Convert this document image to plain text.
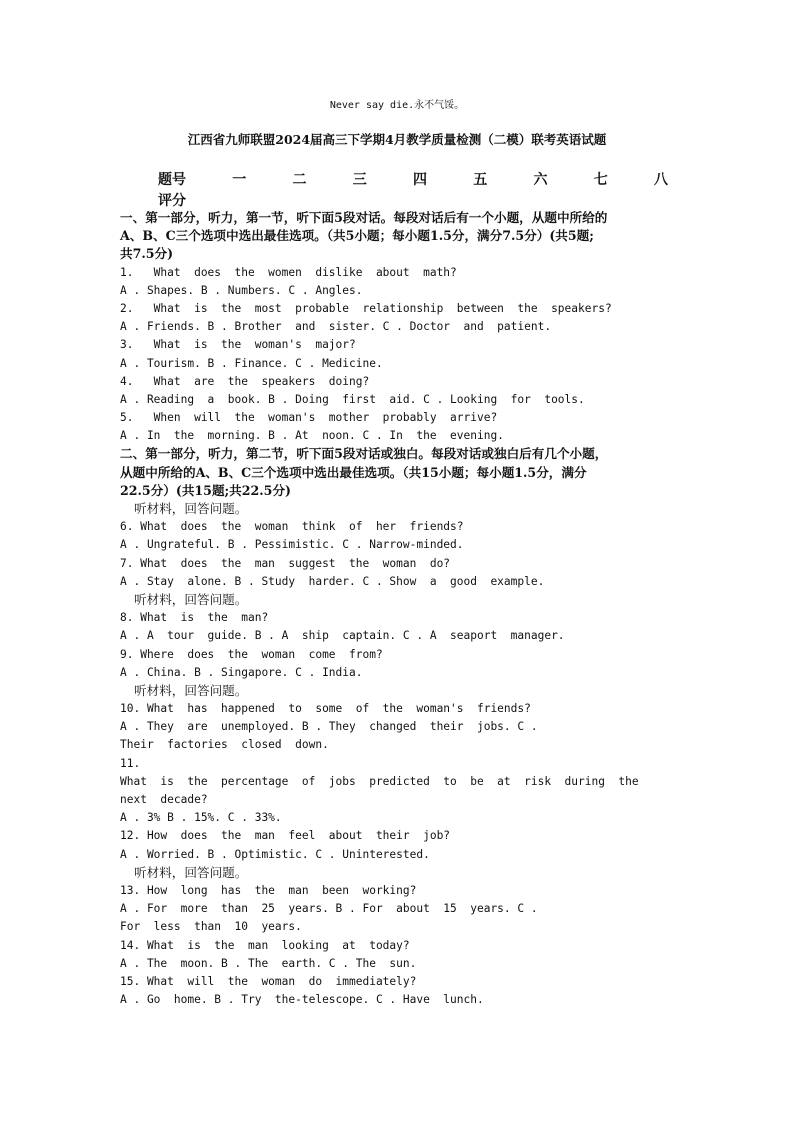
Never say die.永不气馁。
江西省九师联盟2024届高三下学期4月教学质量检测（二模）联考英语试题
题号	一	二	三	四	五	六	七	八
评分
一、第一部分，听力，第一节，听下面5段对话。每段对话后有一个小题，从题中所给的
A、B、C三个选项中选出最佳选项。（共5小题；每小题1.5分，满分7.5分）(共5题;
共7.5分)
1.   What  does  the  women  dislike  about  math?
A . Shapes. B . Numbers. C . Angles.
2.   What  is  the  most  probable  relationship  between  the  speakers?
A . Friends. B . Brother  and  sister. C . Doctor  and  patient.
3.   What  is  the  woman's  major?
A . Tourism. B . Finance. C . Medicine.
4.   What  are  the  speakers  doing?
A . Reading  a  book. B . Doing  first  aid. C . Looking  for  tools.
5.   When  will  the  woman's  mother  probably  arrive?
A . In  the  morning. B . At  noon. C . In  the  evening.
二、第一部分，听力，第二节，听下面5段对话或独白。每段对话或独白后有几个小题，
从题中所给的A、B、C三个选项中选出最佳选项。（共15小题；每小题1.5分，满分
22.5分）(共15题;共22.5分)
听材料，回答问题。
6. What  does  the  woman  think  of  her  friends?
A . Ungrateful. B . Pessimistic. C . Narrow-minded.
7. What  does  the  man  suggest  the  woman  do?
A . Stay  alone. B . Study  harder. C . Show  a  good  example.
听材料，回答问题。
8. What  is  the  man?
A . A  tour  guide. B . A  ship  captain. C . A  seaport  manager.
9. Where  does  the  woman  come  from?
A . China. B . Singapore. C . India.
听材料，回答问题。
10. What  has  happened  to  some  of  the  woman's  friends?
A . They  are  unemployed. B . They  changed  their  jobs. C .
Their  factories  closed  down.
11.
What  is  the  percentage  of  jobs  predicted  to  be  at  risk  during  the
next  decade?
A . 3% B . 15%. C . 33%.
12. How  does  the  man  feel  about  their  job?
A . Worried. B . Optimistic. C . Uninterested.
听材料，回答问题。
13. How  long  has  the  man  been  working?
A . For  more  than  25  years. B . For  about  15  years. C .
For  less  than  10  years.
14. What  is  the  man  looking  at  today?
A . The  moon. B . The  earth. C . The  sun.
15. What  will  the  woman  do  immediately?
A . Go  home. B . Try  the-telescope. C . Have  lunch.
